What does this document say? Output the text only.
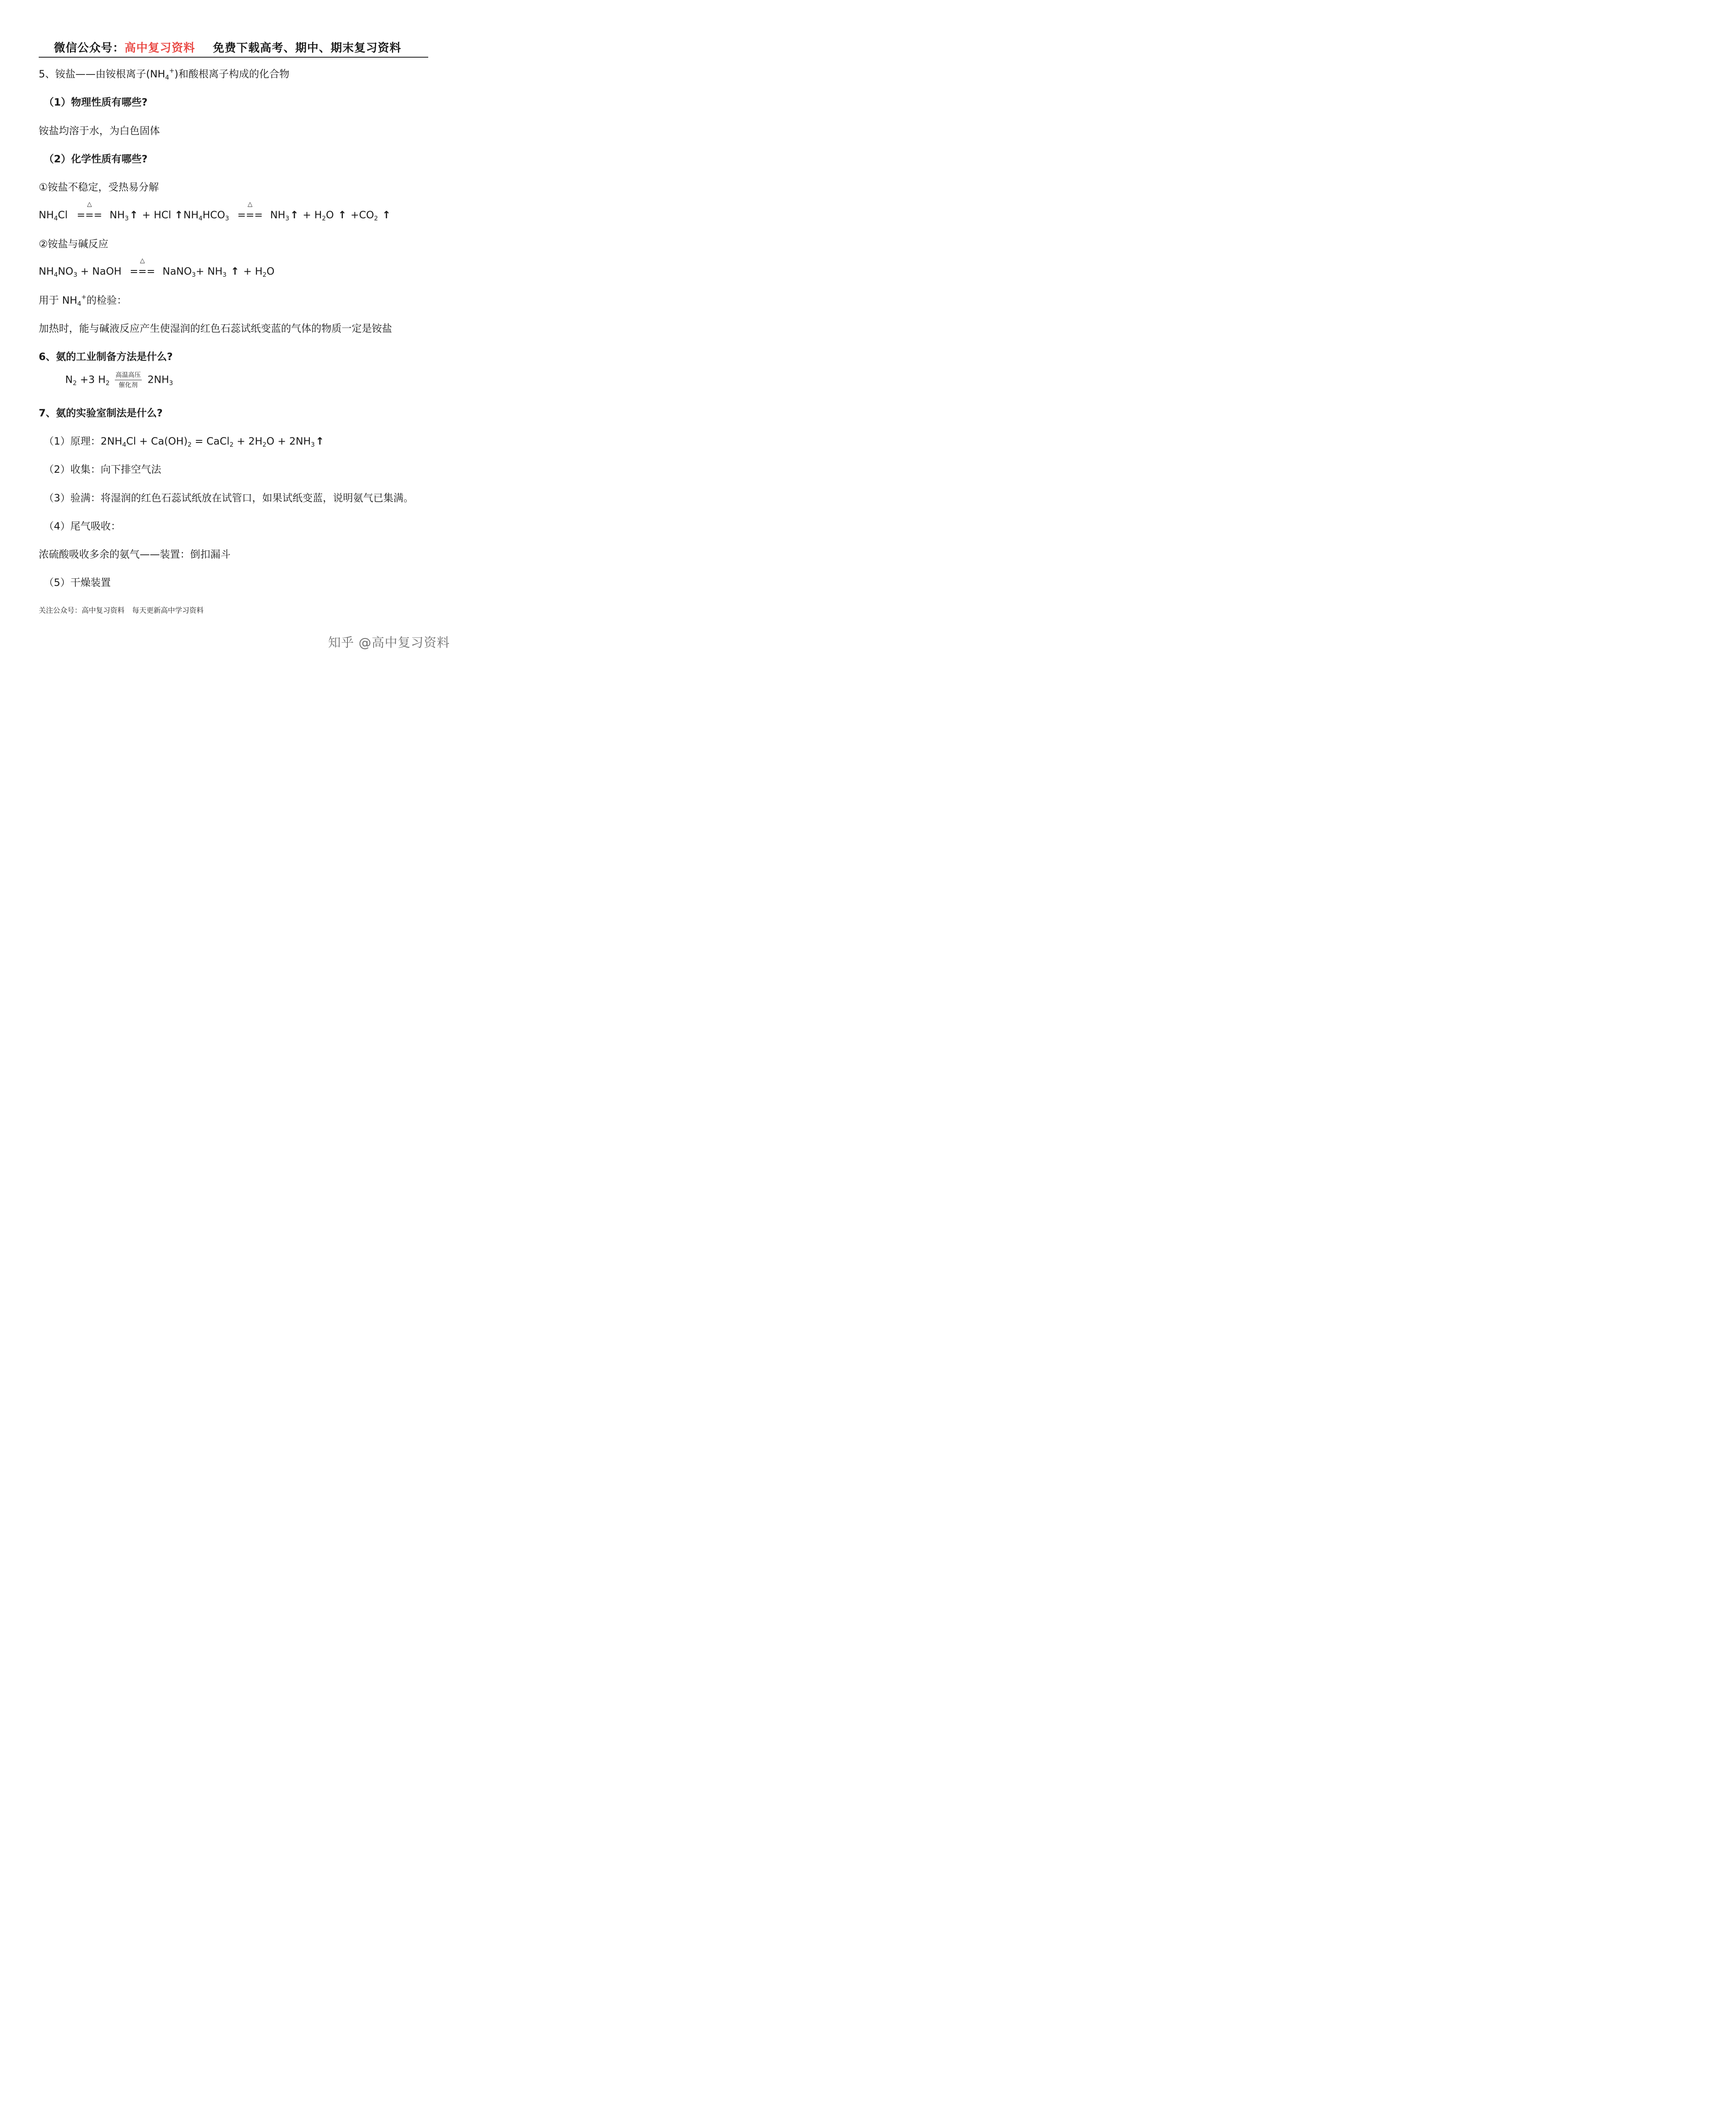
微信公众号：高中复习资料 免费下载高考、期中、期末复习资料
5、铵盐——由铵根离子$(NH_4^+)$和酸根离子构成的化合物
（1）物理性质有哪些?
铵盐均溶于水，为白色固体
（2）化学性质有哪些?
①铵盐不稳定，受热易分解
$NH_4Cl$
△
=== $NH_3↑$ + HCl ↑ $NH_4HCO_3$
△
=== $NH_3↑ + H_2O$ ↑ $+CO_2$ ↑
②铵盐与碱反应
$NH_4NO_3$ + NaOH
△
=== NaNO$_3$+ $NH_3$ ↑ + $H_2O$
用于 $NH_4^+$的检验：
加热时，能与碱液反应产生使湿润的红色石蕊试纸变蓝的气体的物质一定是铵盐
6、氨的工业制备方法是什么?
$N_2 +3$ $H_2 \frac{\text{高温高压}}{\text{催化剂}} 2NH_3$
7、氨的实验室制法是什么?
（1）原理：$2NH_4Cl + Ca(OH)_2$ = CaCl$_2$ + $2H_2O$ + $2NH_3↑$
（2）收集：向下排空气法
（3）验满：将湿润的红色石蕊试纸放在试管口，如果试纸变蓝，说明氨气已集满。
（4）尾气吸收：
浓硫酸吸收多余的氨气——装置：倒扣漏斗
（5）干燥装置
关注公众号：高中复习资料 每天更新高中学习资料
知乎 @高中复习资料
